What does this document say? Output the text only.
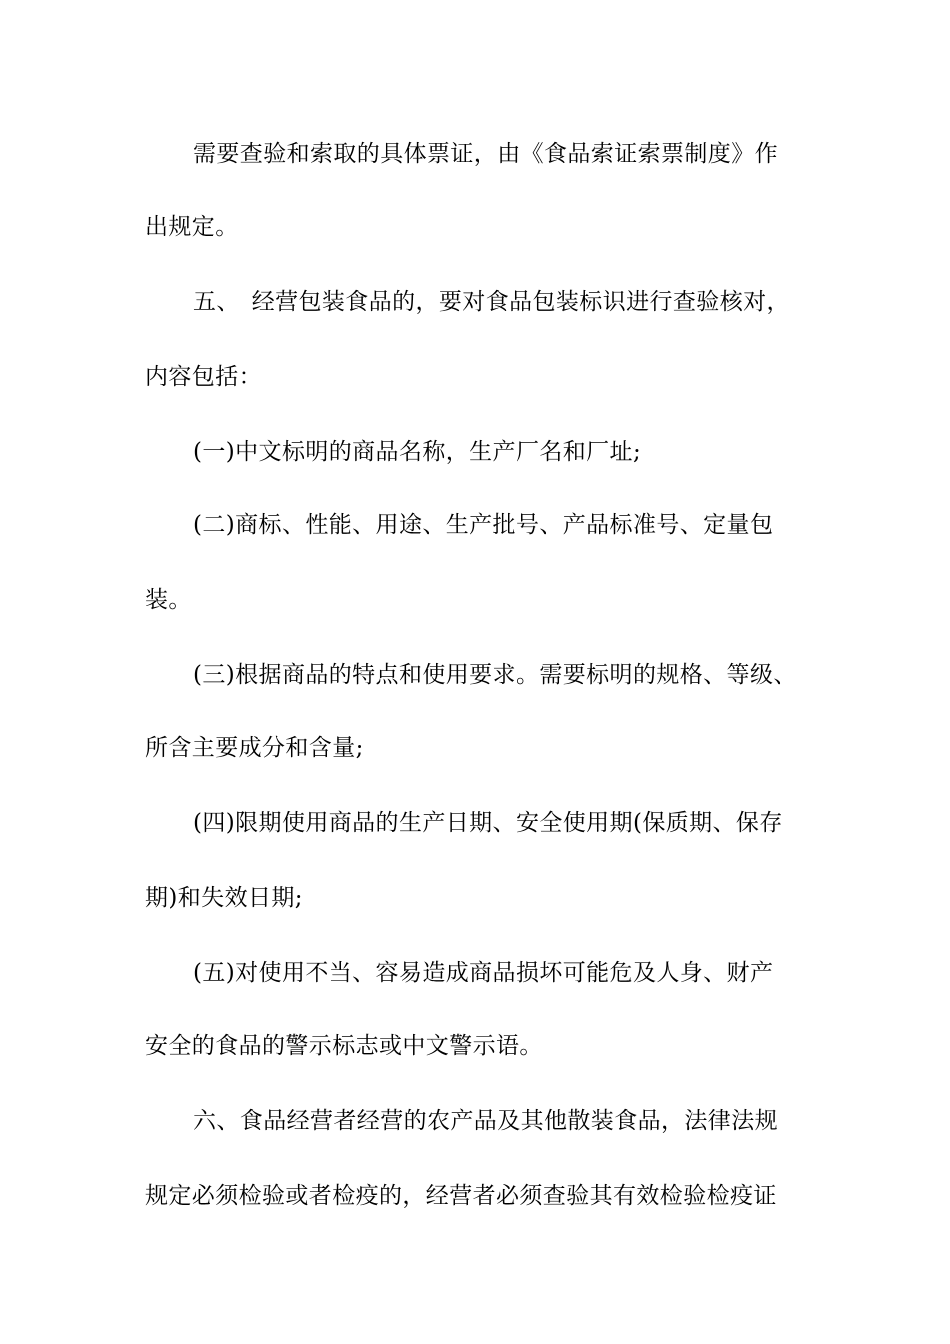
需要查验和索取的具体票证，由《食品索证索票制度》作
出规定。
五、　经营包装食品的，要对食品包装标识进行查验核对，
内容包括：
(一)中文标明的商品名称，生产厂名和厂址;
(二)商标、性能、用途、生产批号、产品标准号、定量包
装。
(三)根据商品的特点和使用要求。需要标明的规格、等级、
所含主要成分和含量;
(四)限期使用商品的生产日期、安全使用期(保质期、保存
期)和失效日期;
(五)对使用不当、容易造成商品损坏可能危及人身、财产
安全的食品的警示标志或中文警示语。
六、食品经营者经营的农产品及其他散装食品，法律法规
规定必须检验或者检疫的，经营者必须查验其有效检验检疫证
